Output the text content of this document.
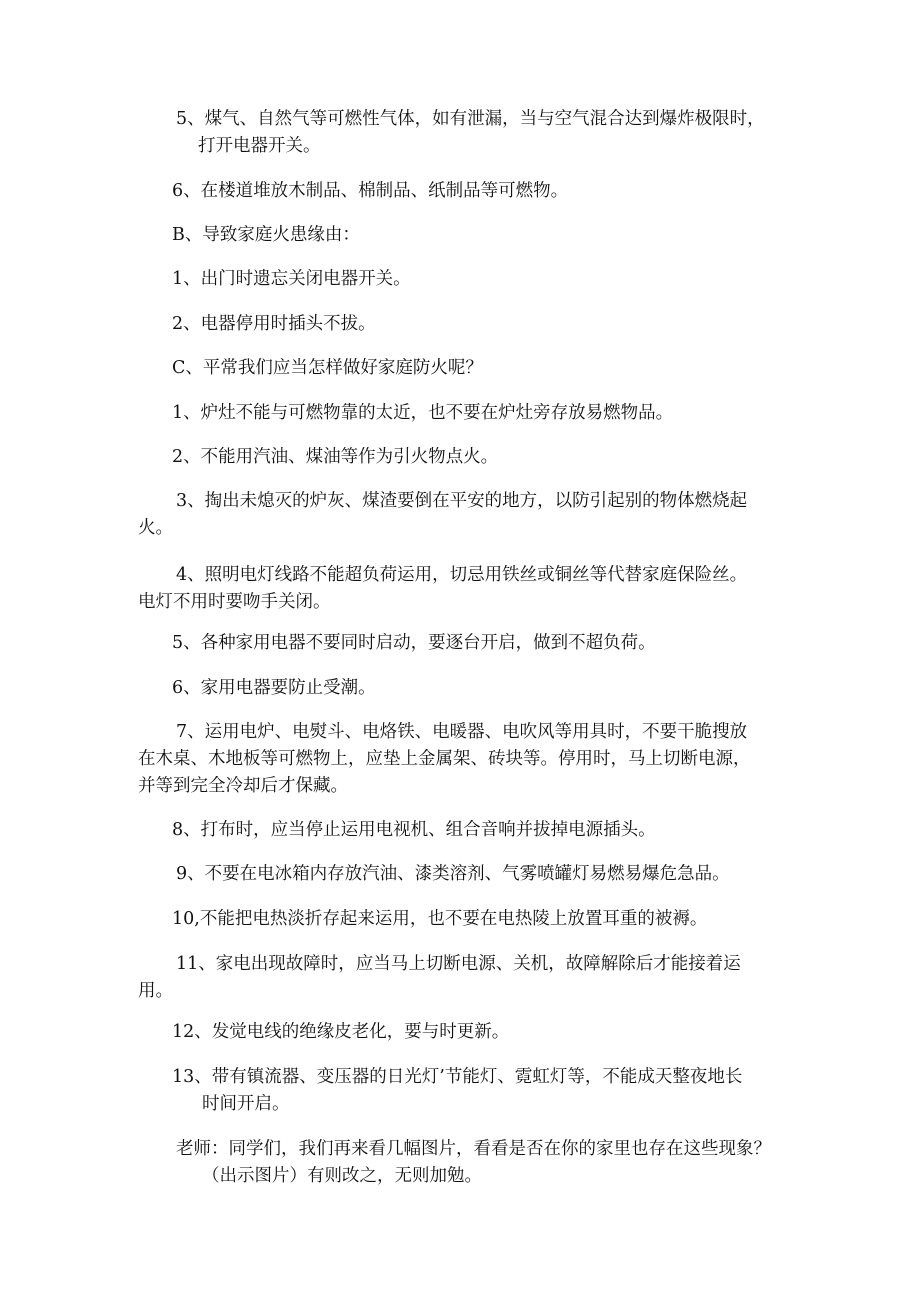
5、煤气、自然气等可燃性气体，如有泄漏，当与空气混合达到爆炸极限时，
打开电器开关。

6、在楼道堆放木制品、棉制品、纸制品等可燃物。

B、导致家庭火患缘由：

1、出门时遗忘关闭电器开关。

2、电器停用时插头不拔。

C、平常我们应当怎样做好家庭防火呢？

1、炉灶不能与可燃物靠的太近，也不要在炉灶旁存放易燃物品。

2、不能用汽油、煤油等作为引火物点火。

3、掏出未熄灭的炉灰、煤渣要倒在平安的地方，以防引起别的物体燃烧起
火。
4、照明电灯线路不能超负荷运用，切忌用铁丝或铜丝等代替家庭保险丝。
电灯不用时要吻手关闭。

5、各种家用电器不要同时启动，要逐台开启，做到不超负荷。

6、家用电器要防止受潮。

7、运用电炉、电熨斗、电烙铁、电暖器、电吹风等用具时，不要干脆搜放
在木桌、木地板等可燃物上，应垫上金属架、砖块等。停用时，马上切断电源，
并等到完全冷却后才保藏。

8、打布时，应当停止运用电视机、组合音响并拔掉电源插头。

9、不要在电冰箱内存放汽油、漆类溶剂、气雾喷罐灯易燃易爆危急品。

10,不能把电热淡折存起来运用，也不要在电热陵上放置耳重的被褥。

11、家电出现故障时，应当马上切断电源、关机，故障解除后才能接着运
用。

12、发觉电线的绝缘皮老化，要与时更新。

13、带有镇流器、变压器的日光灯’节能灯、霓虹灯等，不能成天整夜地长
时间开启。
老师：同学们，我们再来看几幅图片，看看是否在你的家里也存在这些现象？
（出示图片）有则改之，无则加勉。
